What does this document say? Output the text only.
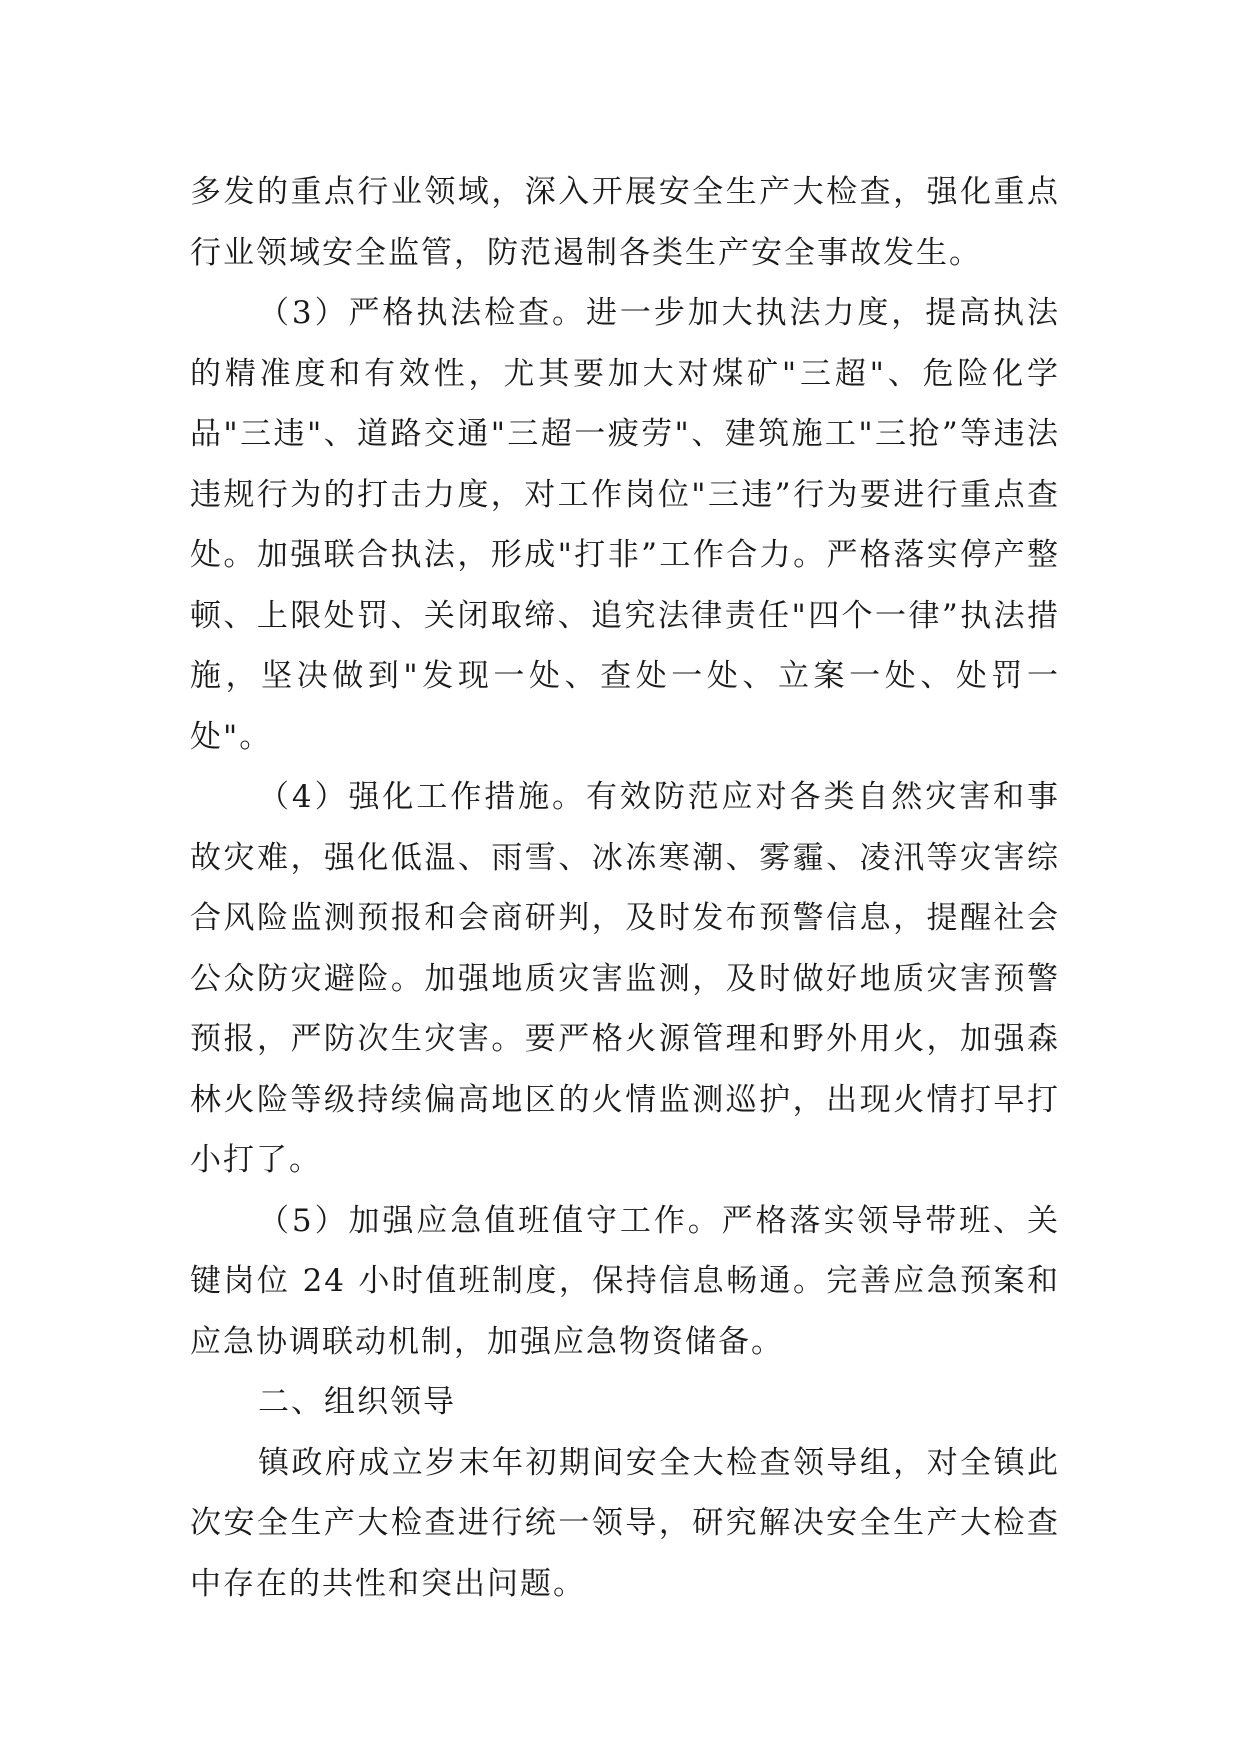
多发的重点行业领域，深入开展安全生产大检查，强化重点行业领域安全监管，防范遏制各类生产安全事故发生。

（3）严格执法检查。进一步加大执法力度，提高执法的精准度和有效性，尤其要加大对煤矿"三超"、危险化学品"三违"、道路交通"三超一疲劳"、建筑施工"三抢”等违法违规行为的打击力度，对工作岗位"三违”行为要进行重点查处。加强联合执法，形成"打非”工作合力。严格落实停产整顿、上限处罚、关闭取缔、追究法律责任"四个一律”执法措施，坚决做到"发现一处、查处一处、立案一处、处罚一处"。

（4）强化工作措施。有效防范应对各类自然灾害和事故灾难，强化低温、雨雪、冰冻寒潮、雾霾、凌汛等灾害综合风险监测预报和会商研判，及时发布预警信息，提醒社会公众防灾避险。加强地质灾害监测，及时做好地质灾害预警预报，严防次生灾害。要严格火源管理和野外用火，加强森林火险等级持续偏高地区的火情监测巡护，出现火情打早打小打了。

（5）加强应急值班值守工作。严格落实领导带班、关键岗位 24 小时值班制度，保持信息畅通。完善应急预案和应急协调联动机制，加强应急物资储备。

二、组织领导

镇政府成立岁末年初期间安全大检查领导组，对全镇此次安全生产大检查进行统一领导，研究解决安全生产大检查中存在的共性和突出问题。
